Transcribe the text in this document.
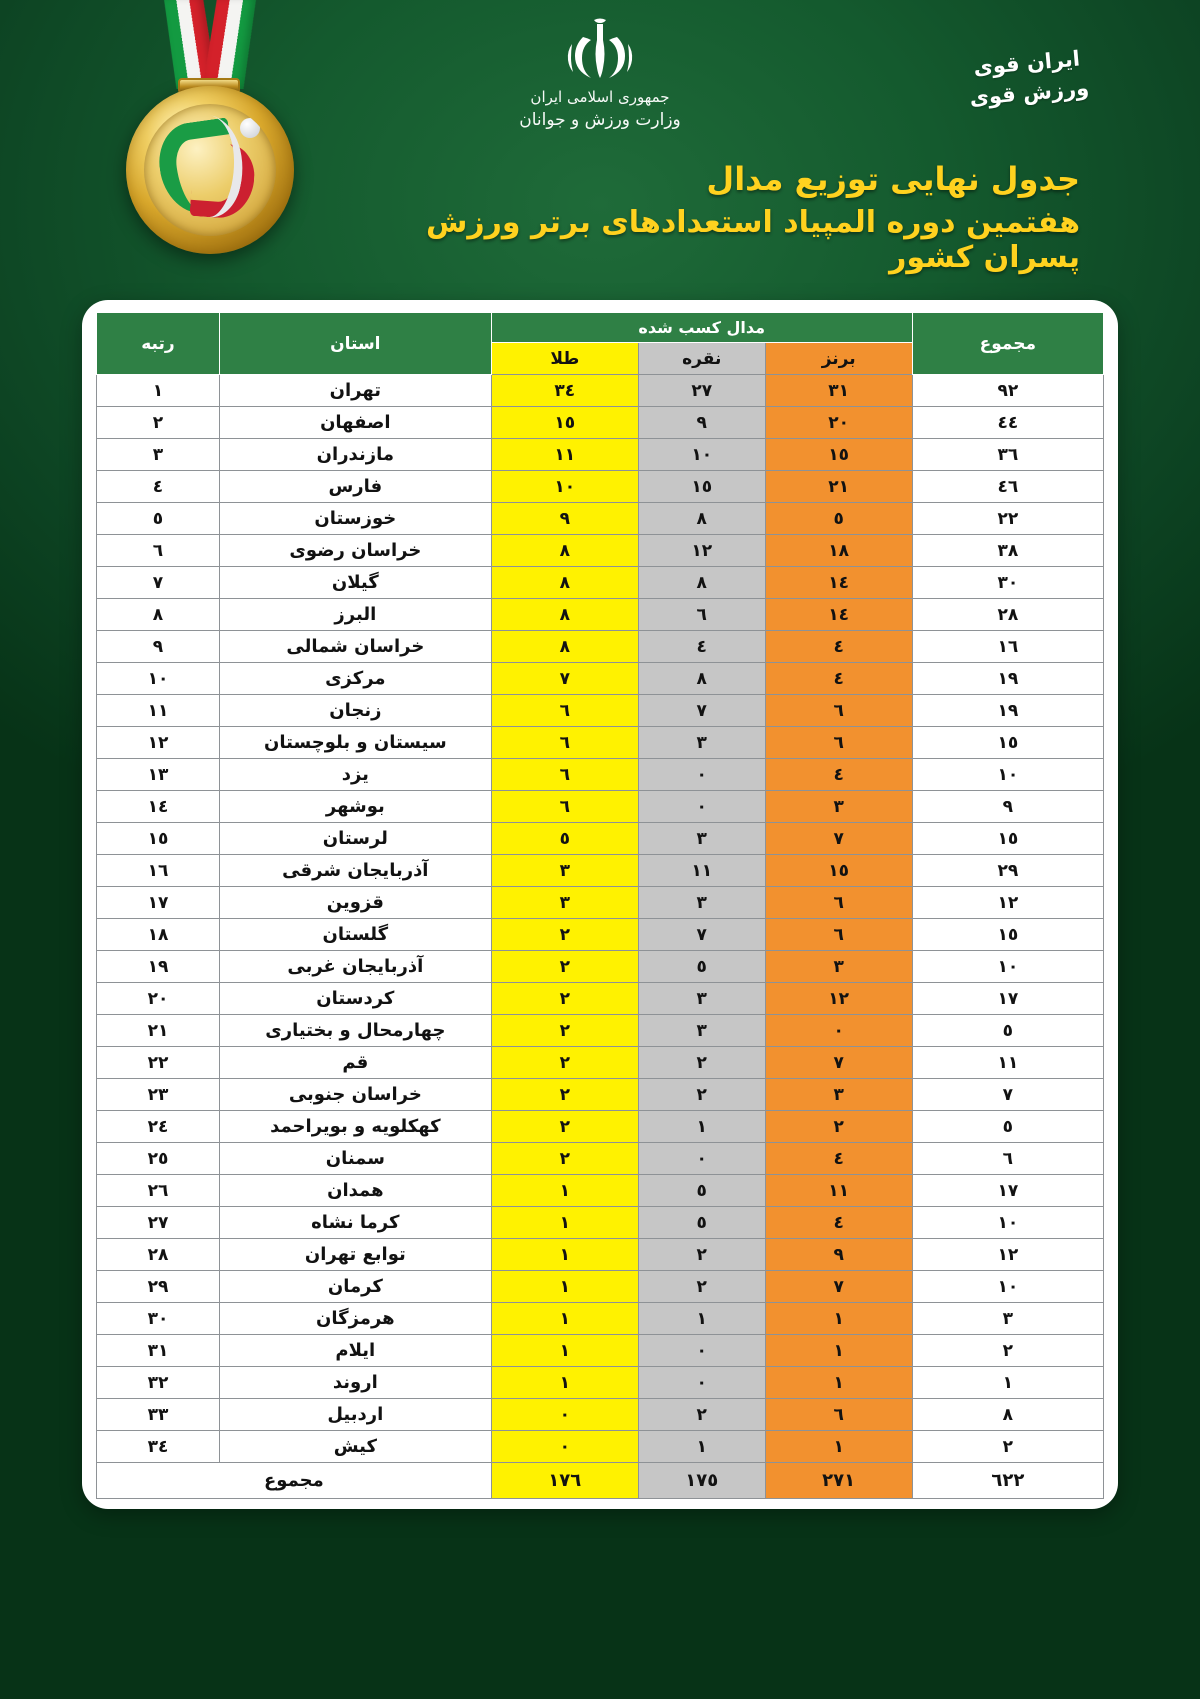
جمهوری اسلامی ایران
وزارت ورزش و جوانان
ایران قوی ورزش قوی
جدول نهایی توزیع مدال
هفتمین دوره المپیاد استعدادهای برتر ورزش پسران کشور
مجموع	مدال کسب شده			استان	رتبه
	برنز	نقره	طلا		
٩٢	٣١	٢٧	٣٤	تهران	١
٤٤	٢٠	٩	١٥	اصفهان	٢
٣٦	١٥	١٠	١١	مازندران	٣
٤٦	٢١	١٥	١٠	فارس	٤
٢٢	٥	٨	٩	خوزستان	٥
٣٨	١٨	١٢	٨	خراسان رضوی	٦
٣٠	١٤	٨	٨	گیلان	٧
٢٨	١٤	٦	٨	البرز	٨
١٦	٤	٤	٨	خراسان شمالی	٩
١٩	٤	٨	٧	مرکزی	١٠
١٩	٦	٧	٦	زنجان	١١
١٥	٦	٣	٦	سیستان و بلوچستان	١٢
١٠	٤	٠	٦	یزد	١٣
٩	٣	٠	٦	بوشهر	١٤
١٥	٧	٣	٥	لرستان	١٥
٢٩	١٥	١١	٣	آذربایجان شرقی	١٦
١٢	٦	٣	٣	قزوین	١٧
١٥	٦	٧	٢	گلستان	١٨
١٠	٣	٥	٢	آذربایجان غربی	١٩
١٧	١٢	٣	٢	کردستان	٢٠
٥	٠	٣	٢	چهارمحال و بختیاری	٢١
١١	٧	٢	٢	قم	٢٢
٧	٣	٢	٢	خراسان جنوبی	٢٣
٥	٢	١	٢	کهکلویه و بویراحمد	٢٤
٦	٤	٠	٢	سمنان	٢٥
١٧	١١	٥	١	همدان	٢٦
١٠	٤	٥	١	کرما نشاه	٢٧
١٢	٩	٢	١	توابع تهران	٢٨
١٠	٧	٢	١	کرمان	٢٩
٣	١	١	١	هرمزگان	٣٠
٢	١	٠	١	ایلام	٣١
١	١	٠	١	اروند	٣٢
٨	٦	٢	٠	اردبیل	٣٣
٢	١	١	٠	کیش	٣٤
٦٢٢	٢٧١	١٧٥	١٧٦	مجموع	
